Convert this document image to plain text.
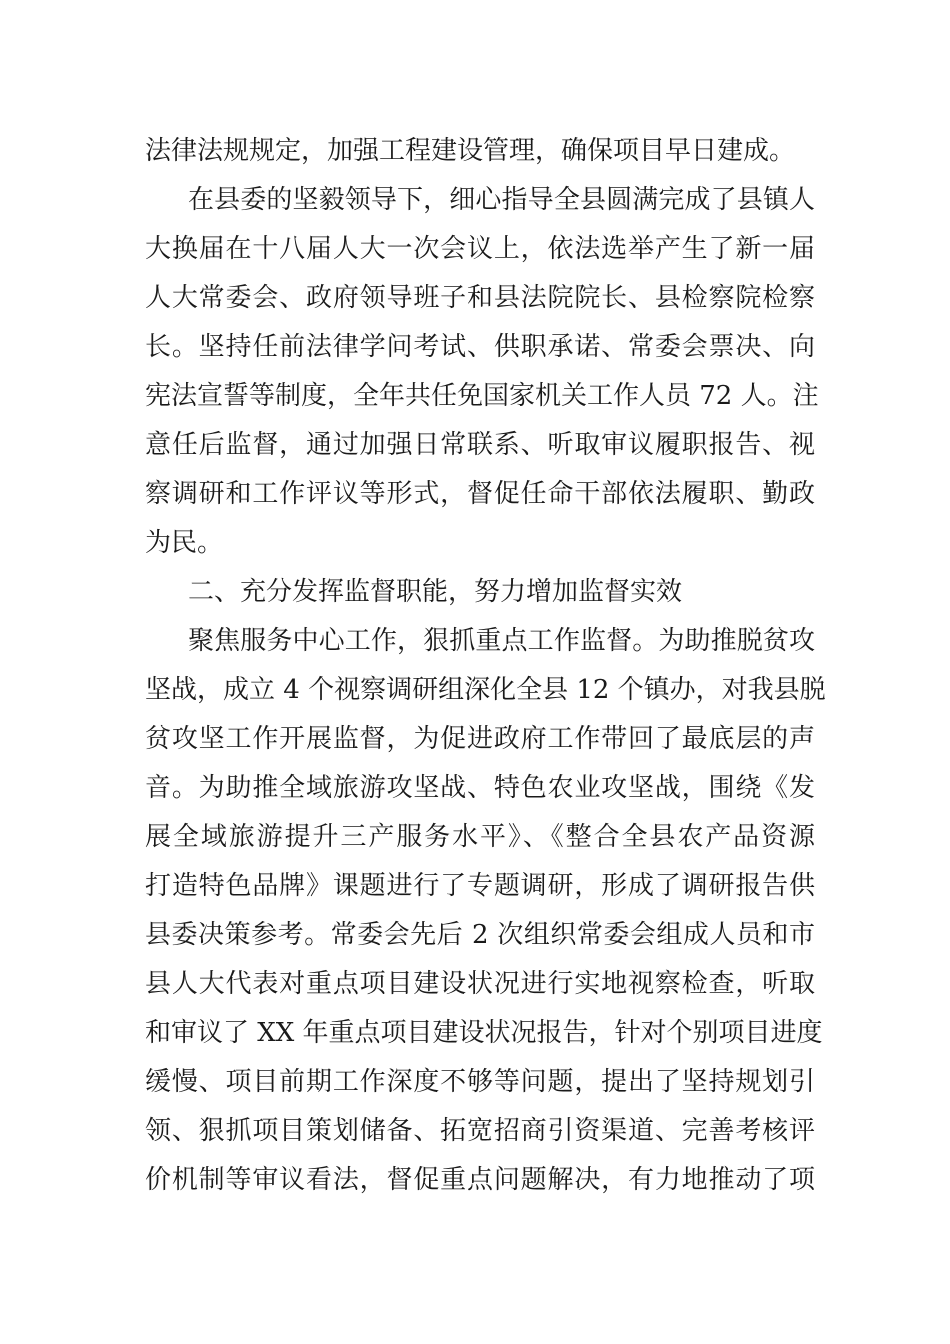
法律法规规定，加强工程建设管理，确保项目早日建成。
在县委的坚毅领导下，细心指导全县圆满完成了县镇人
大换届在十八届人大一次会议上，依法选举产生了新一届
人大常委会、政府领导班子和县法院院长、县检察院检察
长。坚持任前法律学问考试、供职承诺、常委会票决、向
宪法宣誓等制度，全年共任免国家机关工作人员 72 人。注
意任后监督，通过加强日常联系、听取审议履职报告、视
察调研和工作评议等形式，督促任命干部依法履职、勤政
为民。
二、充分发挥监督职能，努力增加监督实效
聚焦服务中心工作，狠抓重点工作监督。为助推脱贫攻
坚战，成立 4 个视察调研组深化全县 12 个镇办，对我县脱
贫攻坚工作开展监督，为促进政府工作带回了最底层的声
音。为助推全域旅游攻坚战、特色农业攻坚战，围绕《发
展全域旅游提升三产服务水平》、《整合全县农产品资源
打造特色品牌》课题进行了专题调研，形成了调研报告供
县委决策参考。常委会先后 2 次组织常委会组成人员和市
县人大代表对重点项目建设状况进行实地视察检查，听取
和审议了 XX 年重点项目建设状况报告，针对个别项目进度
缓慢、项目前期工作深度不够等问题，提出了坚持规划引
领、狠抓项目策划储备、拓宽招商引资渠道、完善考核评
价机制等审议看法，督促重点问题解决，有力地推动了项
